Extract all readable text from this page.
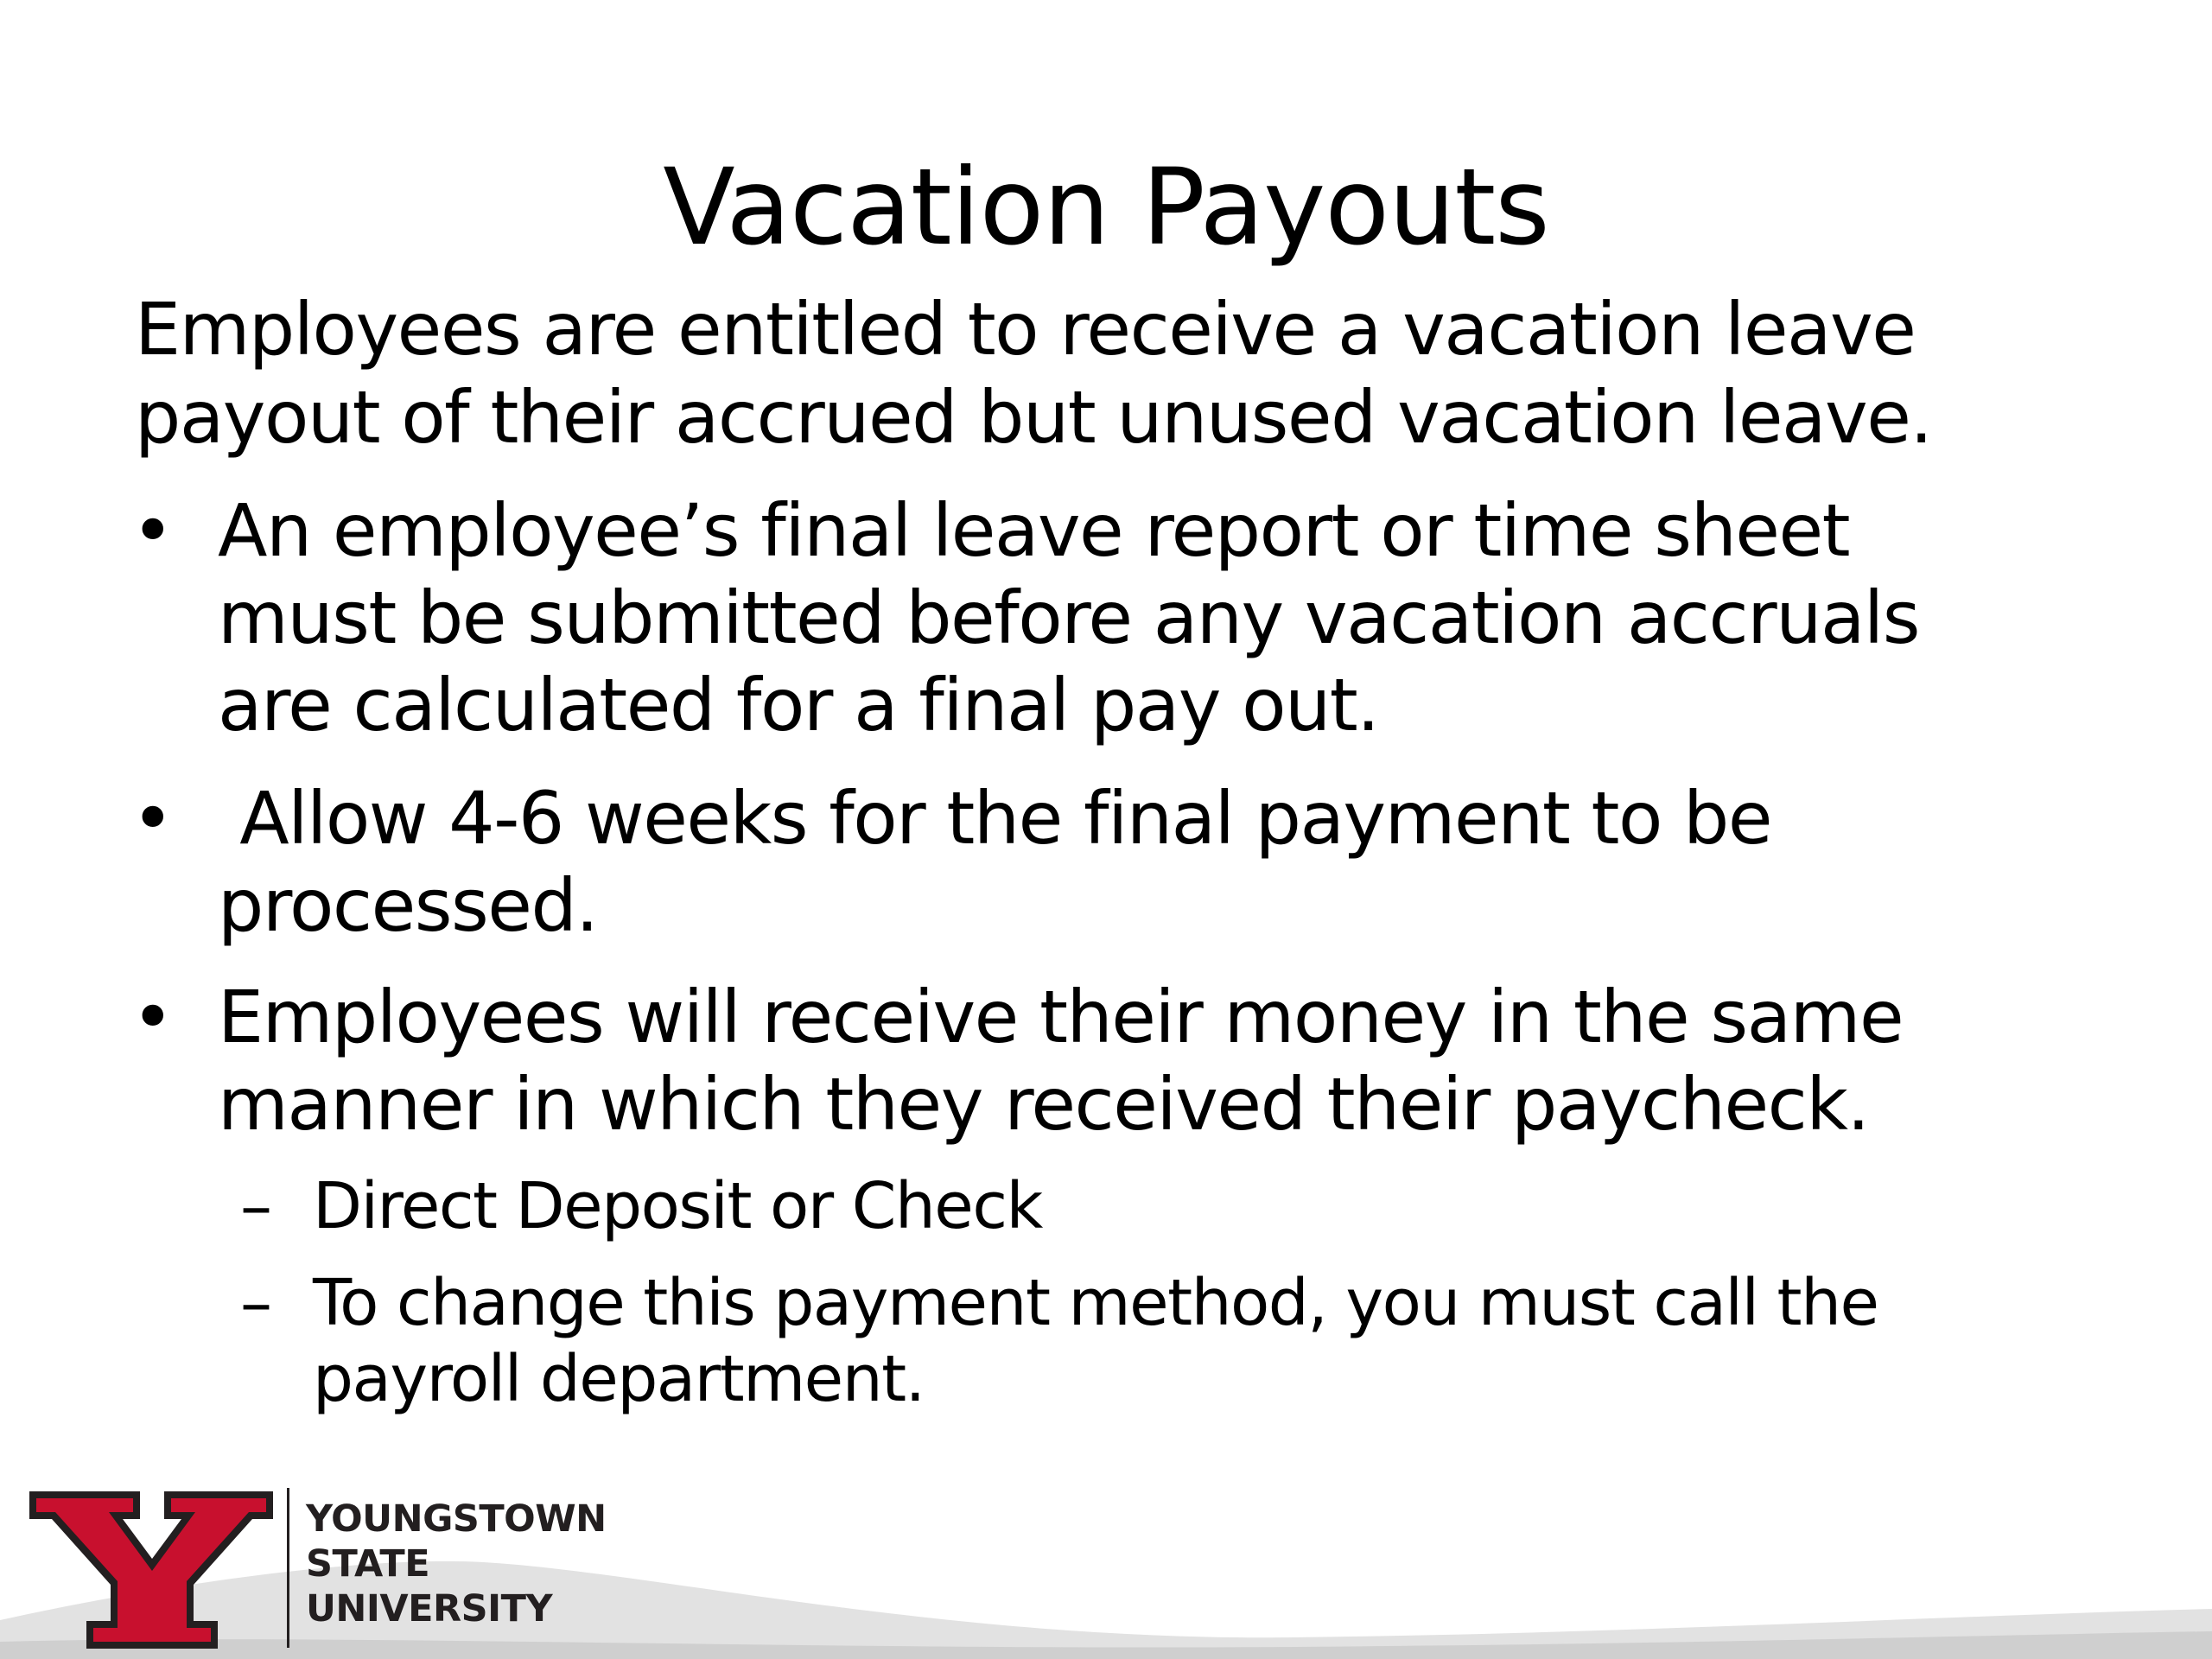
Vacation Payouts
Employees are entitled to receive a vacation leave
payout of their accrued but unused vacation leave.
• An employee’s final leave report or time sheet
must be submitted before any vacation accruals
are calculated for a final pay out.
• Allow 4-6 weeks for the final payment to be
processed.
• Employees will receive their money in the same
manner in which they received their paycheck.
– Direct Deposit or Check
– To change this payment method, you must call the
payroll department.
YOUNGSTOWN
STATE
UNIVERSITY
